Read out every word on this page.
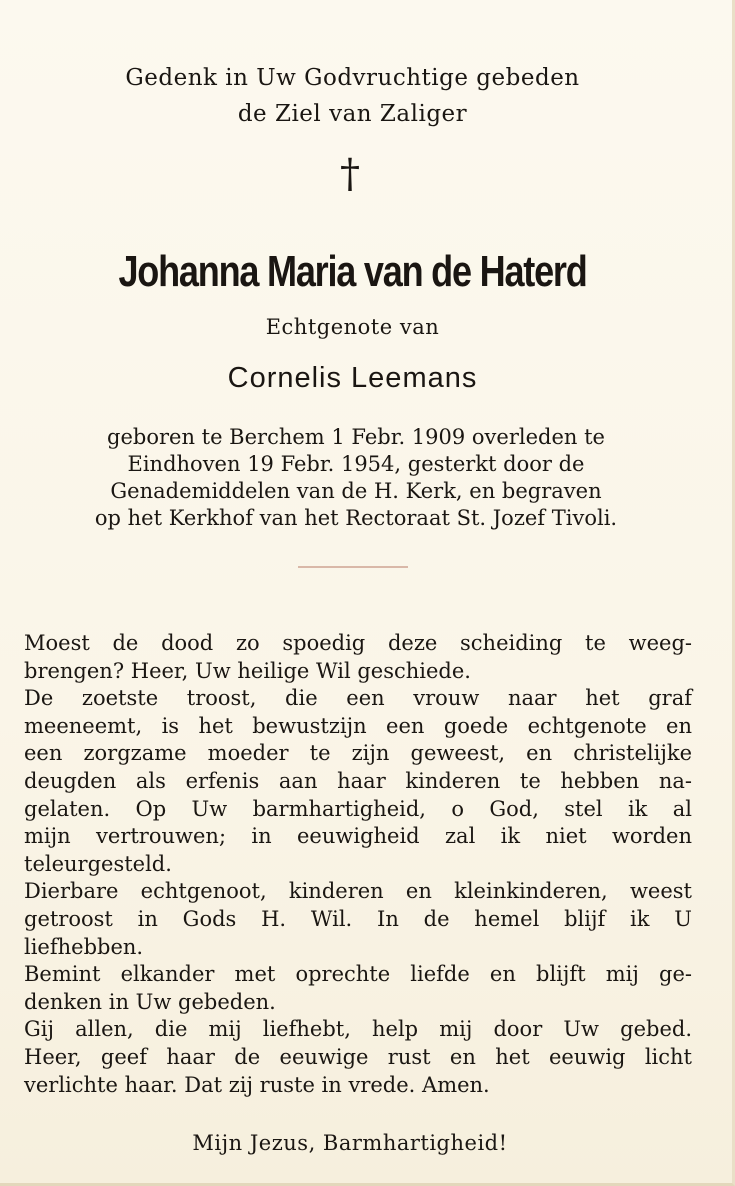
Gedenk in Uw Godvruchtige gebeden
de Ziel van Zaliger
†
Johanna Maria van de Haterd
Echtgenote van
Cornelis Leemans
geboren te Berchem 1 Febr. 1909 overleden te
Eindhoven 19 Febr. 1954, gesterkt door de
Genademiddelen van de H. Kerk, en begraven
op het Kerkhof van het Rectoraat St. Jozef Tivoli.
Moest de dood zo spoedig deze scheiding te weeg-
brengen? Heer, Uw heilige Wil geschiede.
De zoetste troost, die een vrouw naar het graf
meeneemt, is het bewustzijn een goede echtgenote en
een zorgzame moeder te zijn geweest, en christelijke
deugden als erfenis aan haar kinderen te hebben na-
gelaten. Op Uw barmhartigheid, o God, stel ik al
mijn vertrouwen; in eeuwigheid zal ik niet worden
teleurgesteld.
Dierbare echtgenoot, kinderen en kleinkinderen, weest
getroost in Gods H. Wil. In de hemel blijf ik U
liefhebben.
Bemint elkander met oprechte liefde en blijft mij ge-
denken in Uw gebeden.
Gij allen, die mij liefhebt, help mij door Uw gebed.
Heer, geef haar de eeuwige rust en het eeuwig licht
verlichte haar. Dat zij ruste in vrede. Amen.
Mijn Jezus, Barmhartigheid!
